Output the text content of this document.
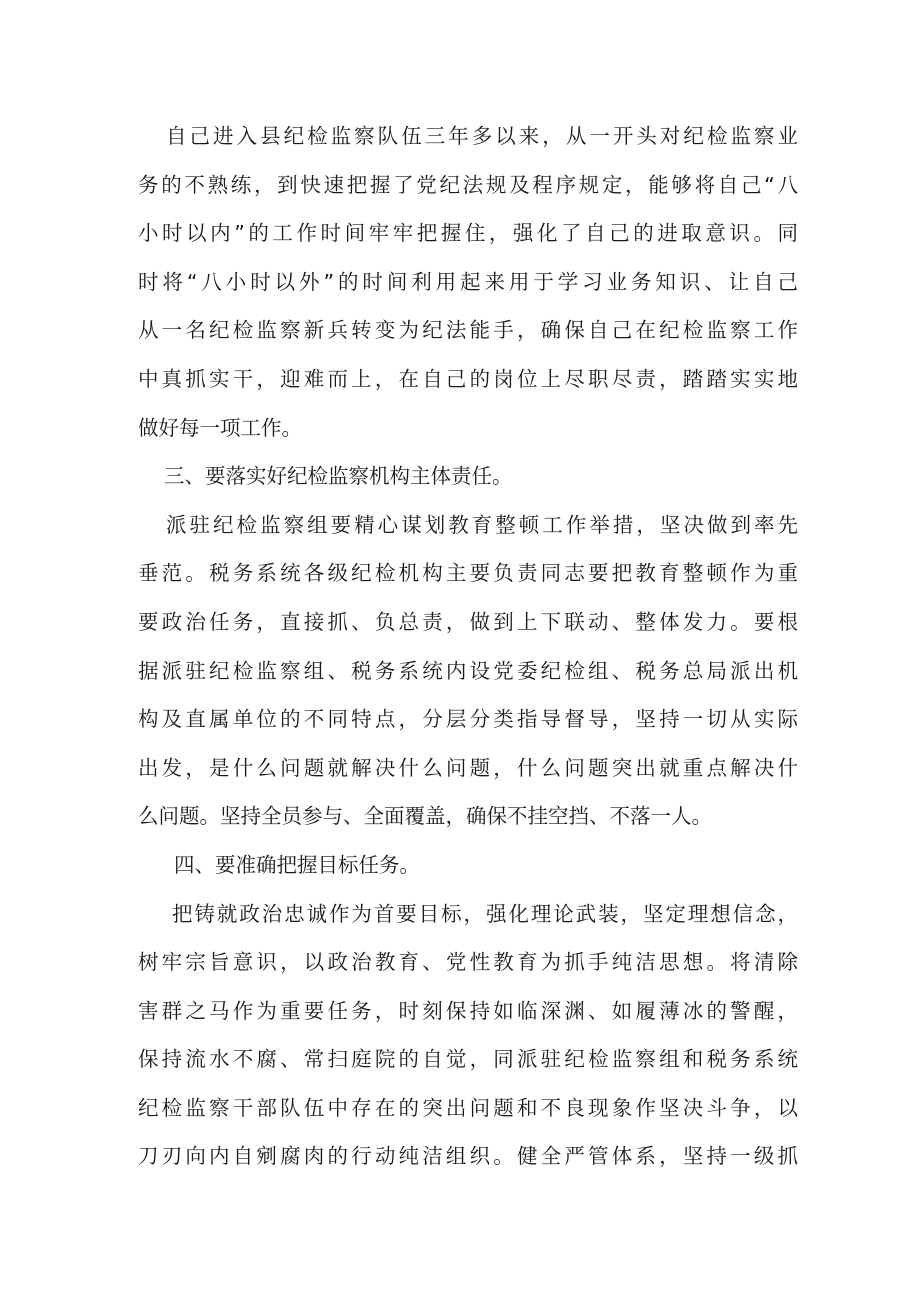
自己进入县纪检监察队伍三年多以来，从一开头对纪检监察业
务的不熟练，到快速把握了党纪法规及程序规定，能够将自己“八
小时以内”的工作时间牢牢把握住，强化了自己的进取意识。同
时将“八小时以外”的时间利用起来用于学习业务知识、让自己
从一名纪检监察新兵转变为纪法能手，确保自己在纪检监察工作
中真抓实干，迎难而上，在自己的岗位上尽职尽责，踏踏实实地
做好每一项工作。
三、要落实好纪检监察机构主体责任。
派驻纪检监察组要精心谋划教育整顿工作举措，坚决做到率先
垂范。税务系统各级纪检机构主要负责同志要把教育整顿作为重
要政治任务，直接抓、负总责，做到上下联动、整体发力。要根
据派驻纪检监察组、税务系统内设党委纪检组、税务总局派出机
构及直属单位的不同特点，分层分类指导督导，坚持一切从实际
出发，是什么问题就解决什么问题，什么问题突出就重点解决什
么问题。坚持全员参与、全面覆盖，确保不挂空挡、不落一人。
四、要准确把握目标任务。
把铸就政治忠诚作为首要目标，强化理论武装，坚定理想信念，
树牢宗旨意识，以政治教育、党性教育为抓手纯洁思想。将清除
害群之马作为重要任务，时刻保持如临深渊、如履薄冰的警醒，
保持流水不腐、常扫庭院的自觉，同派驻纪检监察组和税务系统
纪检监察干部队伍中存在的突出问题和不良现象作坚决斗争，以
刀刃向内自剜腐肉的行动纯洁组织。健全严管体系，坚持一级抓
